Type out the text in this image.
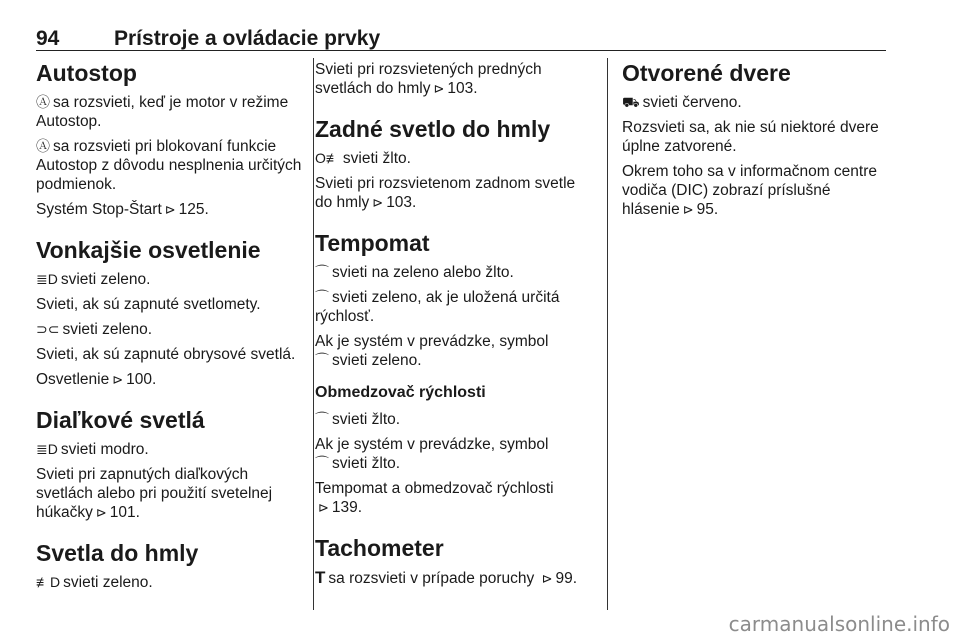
94	Prístroje a ovládacie prvky
Autostop

Ⓐ sa rozsvieti, keď je motor v režime Autostop.

Ⓐ sa rozsvieti pri blokovaní funkcie Autostop z dôvodu nesplnenia určitých podmienok.

Systém Stop-Štart ⊳ 125.

Vonkajšie osvetlenie

≣D svieti zeleno.

Svieti, ak sú zapnuté svetlomety.

⊃⊂ svieti zeleno.

Svieti, ak sú zapnuté obrysové svetlá.

Osvetlenie ⊳ 100.

Diaľkové svetlá

≣D svieti modro.

Svieti pri zapnutých diaľkových svetlách alebo pri použití svetelnej húkačky ⊳ 101.

Svetla do hmly

≢D svieti zeleno.

Svieti pri rozsvietených predných svetlách do hmly ⊳ 103.

Zadné svetlo do hmly

O≢ svieti žlto.

Svieti pri rozsvietenom zadnom svetle do hmly ⊳ 103.

Tempomat

⌒ svieti na zeleno alebo žlto.

⌒ svieti zeleno, ak je uložená určitá rýchlosť.

Ak je systém v prevádzke, symbol ⌒ svieti zeleno.

Obmedzovač rýchlosti

⌒ svieti žlto.

Ak je systém v prevádzke, symbol ⌒ svieti žlto.

Tempomat a obmedzovač rýchlosti ⊳ 139.

Tachometer

T sa rozsvieti v prípade poruchy ⊳ 99.

Otvorené dvere

⛟ svieti červeno.

Rozsvieti sa, ak nie sú niektoré dvere úplne zatvorené.

Okrem toho sa v informačnom centre vodiča (DIC) zobrazí príslušné hlásenie ⊳ 95.

carmanualsonline.info
